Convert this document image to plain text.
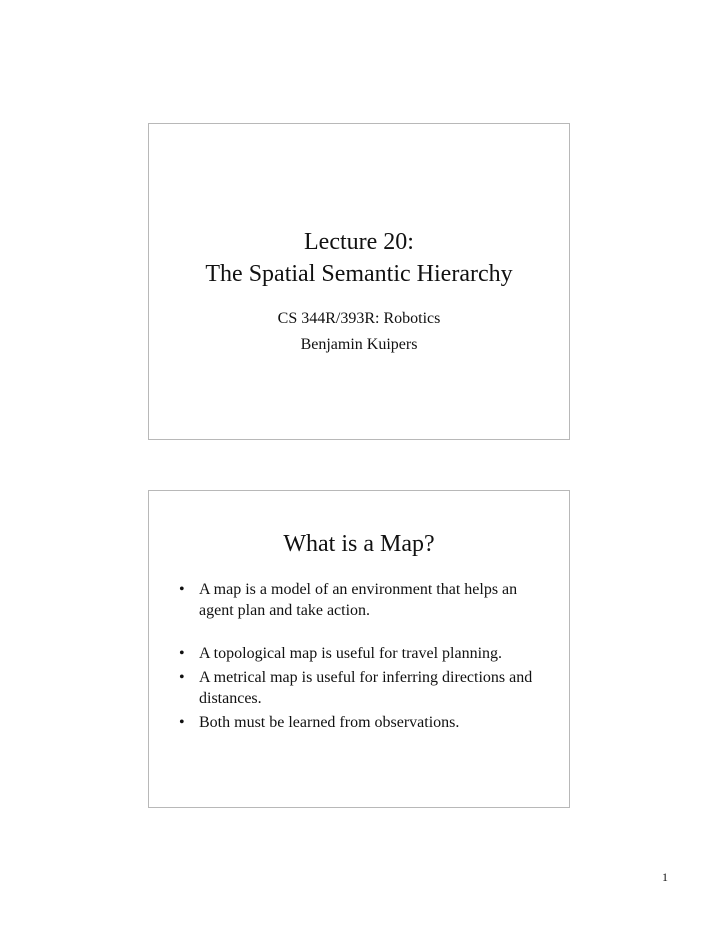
Lecture 20:
The Spatial Semantic Hierarchy
CS 344R/393R: Robotics
Benjamin Kuipers
What is a Map?
• A map is a model of an environment that helps an agent plan and take action.
• A topological map is useful for travel planning.
• A metrical map is useful for inferring directions and distances.
• Both must be learned from observations.
1
